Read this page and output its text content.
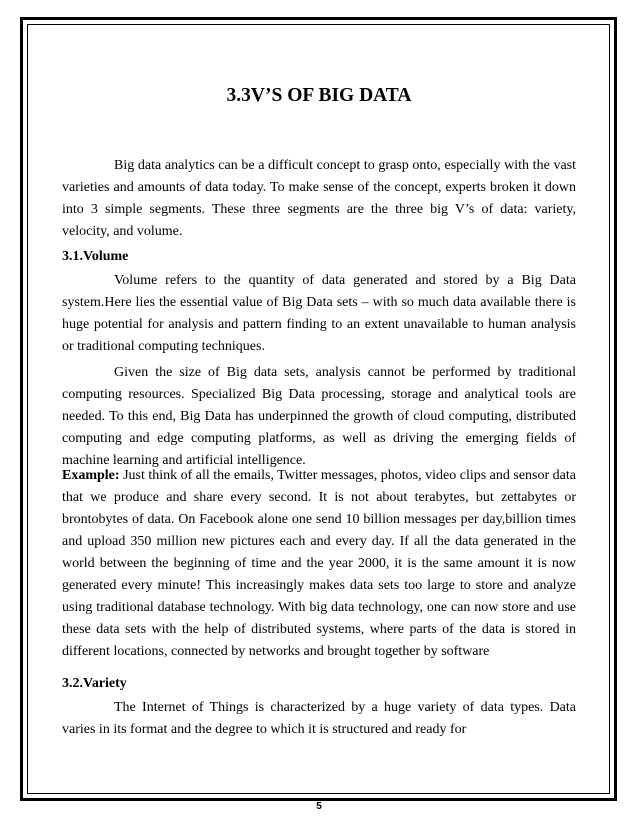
3.3V’S OF BIG DATA

Big data analytics can be a difficult concept to grasp onto, especially with the vast varieties and amounts of data today. To make sense of the concept, experts broken it down into 3 simple segments. These three segments are the three big V’s of data: variety, velocity, and volume.

3.1.Volume

Volume refers to the quantity of data generated and stored by a Big Data system.Here lies the essential value of Big Data sets – with so much data available there is huge potential for analysis and pattern finding to an extent unavailable to human analysis or traditional computing techniques.

Given the size of Big data sets, analysis cannot be performed by traditional computing resources. Specialized Big Data processing, storage and analytical tools are needed. To this end, Big Data has underpinned the growth of cloud computing, distributed computing and edge computing platforms, as well as driving the emerging fields of machine learning and artificial intelligence.

Example: Just think of all the emails, Twitter messages, photos, video clips and sensor data that we produce and share every second. It is not about terabytes, but zettabytes or brontobytes of data. On Facebook alone one send 10 billion messages per day,billion times and upload 350 million new pictures each and every day. If all the data generated in the world between the beginning of time and the year 2000, it is the same amount it is now generated every minute! This increasingly makes data sets too large to store and analyze using traditional database technology. With big data technology, one can now store and use these data sets with the help of distributed systems, where parts of the data is stored in different locations, connected by networks and brought together by software

3.2.Variety

The Internet of Things is characterized by a huge variety of data types. Data varies in its format and the degree to which it is structured and ready for

5
